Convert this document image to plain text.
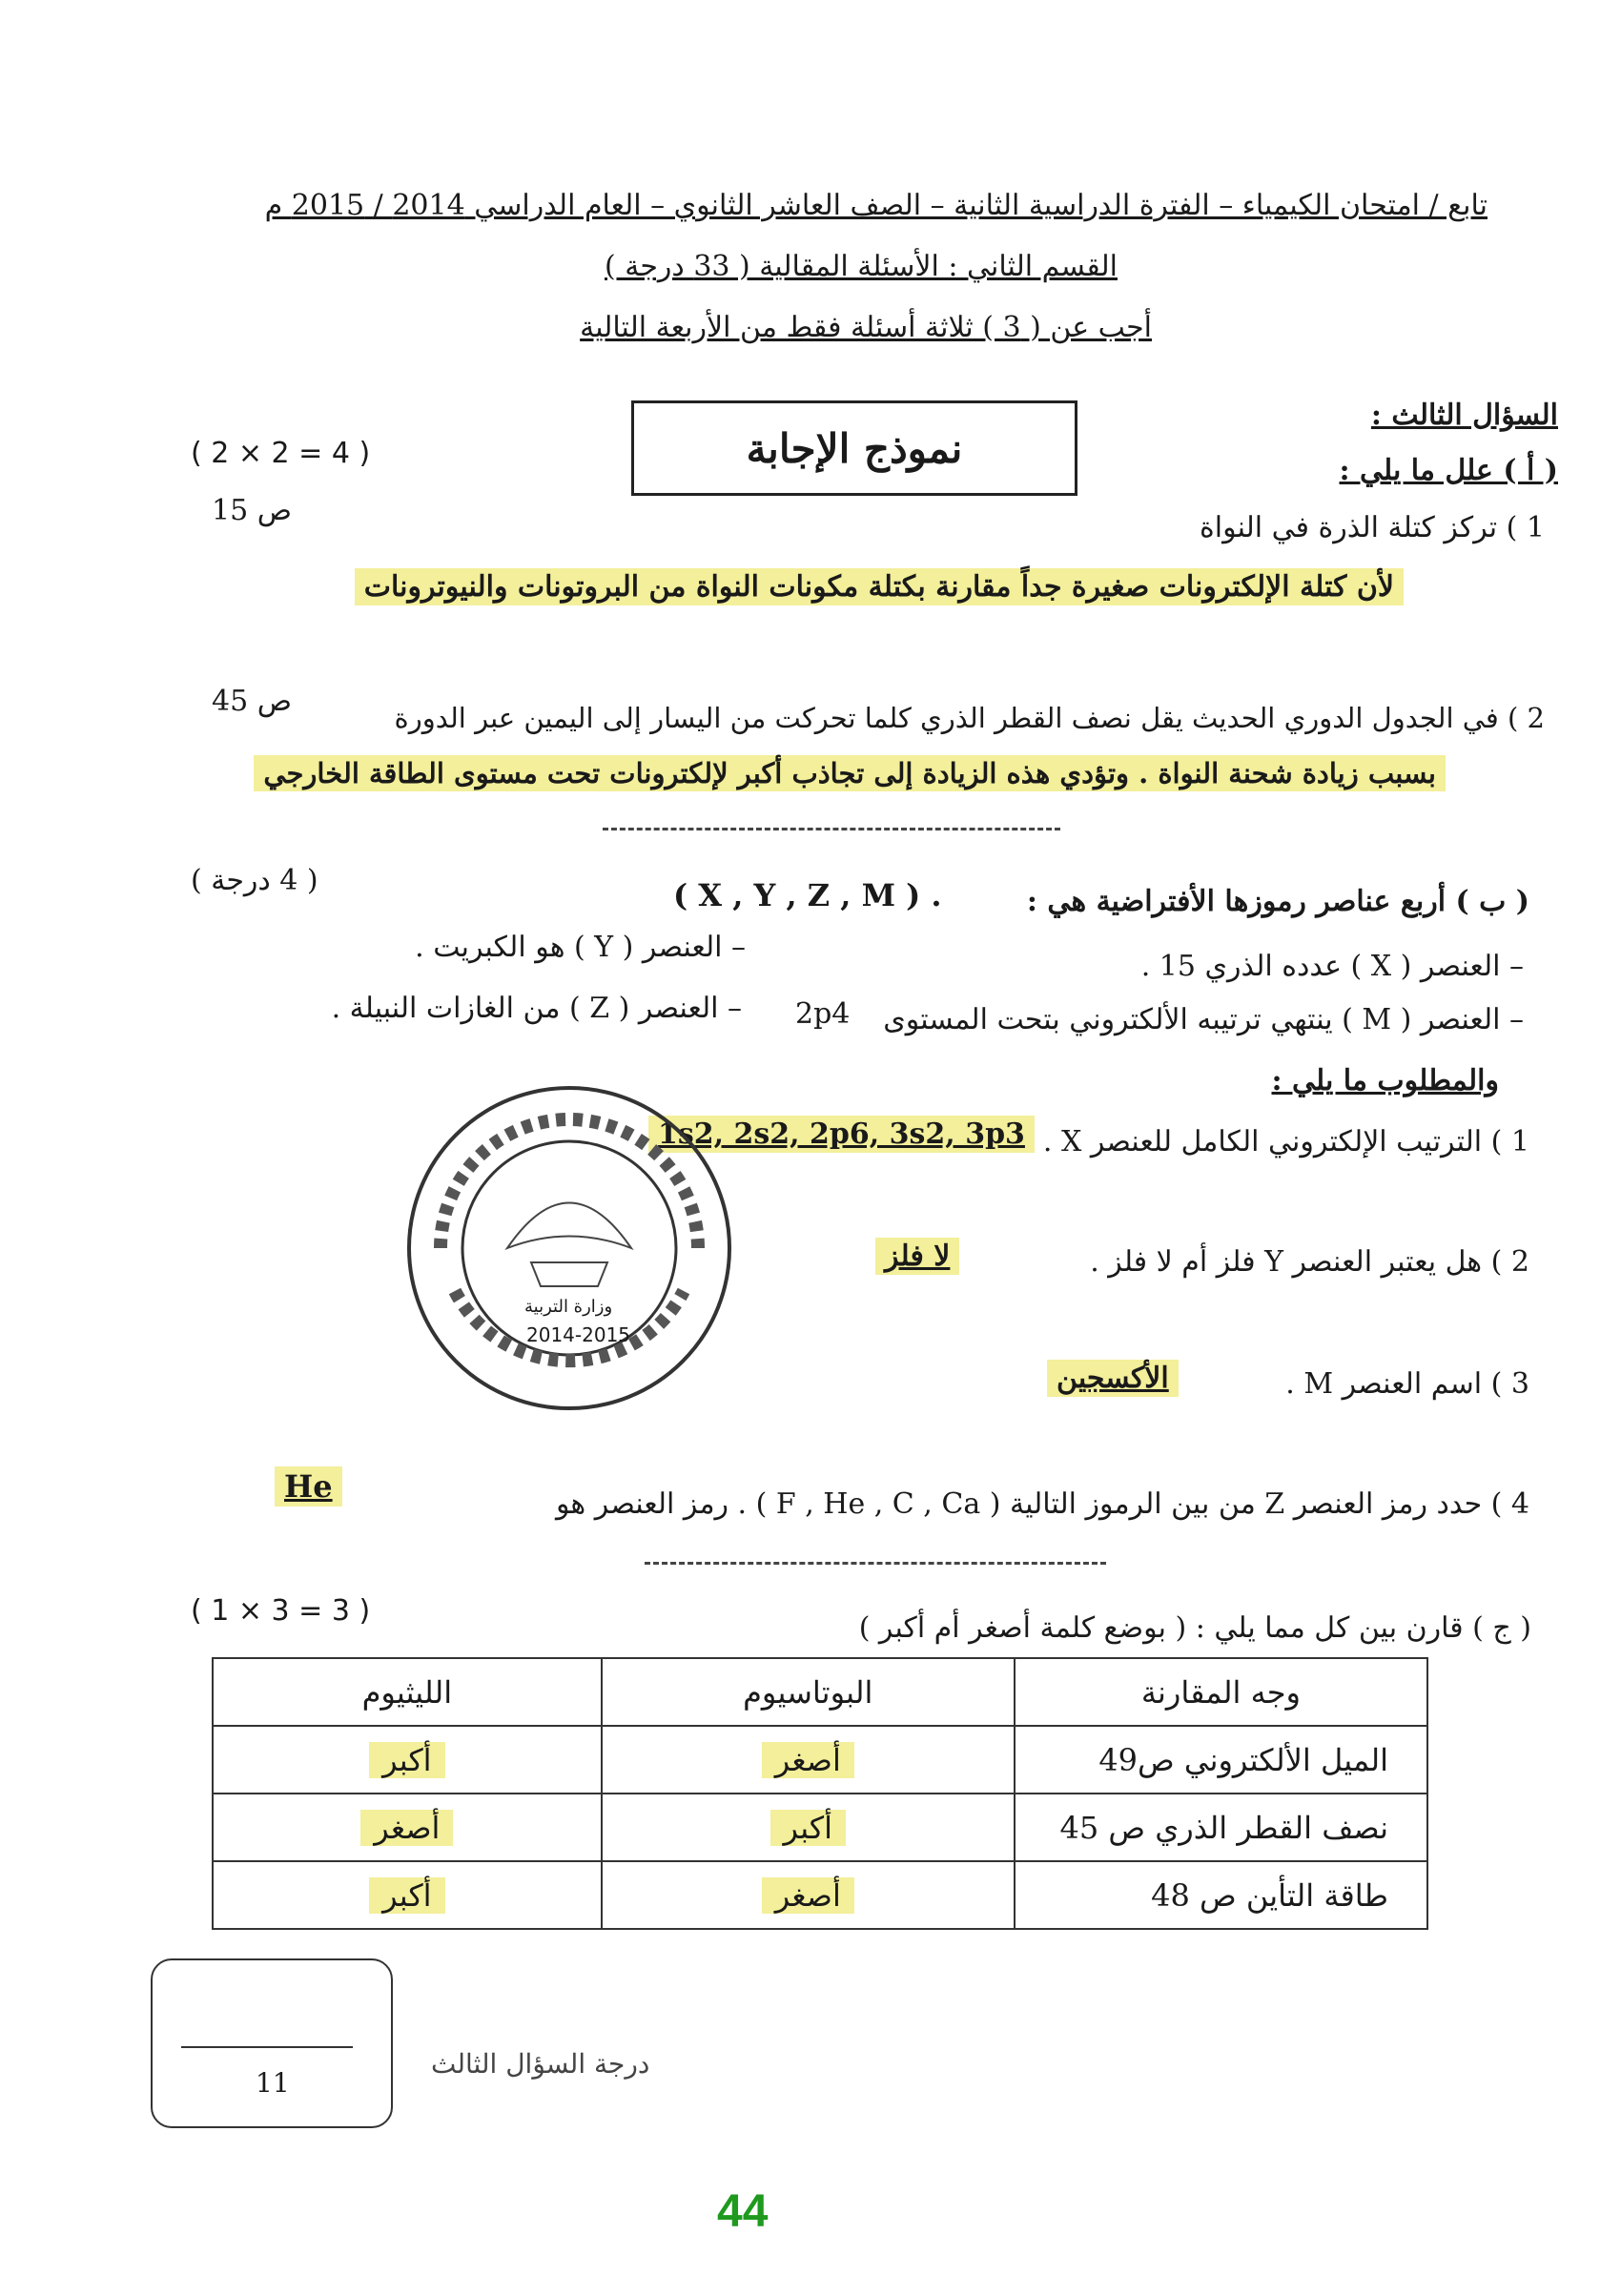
تابع / امتحان الكيمياء – الفترة الدراسية الثانية – الصف العاشر الثانوي – العام الدراسي 2014 / 2015 م
القسم الثاني : الأسئلة المقالية ( 33 درجة )
أجب عن ( 3 ) ثلاثة أسئلة فقط من الأربعة التالية
نموذج الإجابة
السؤال الثالث :
( أ ) علل ما يلي :
( 2 × 2 = 4 )
ص 15
1 ) تركز كتلة الذرة في النواة
لأن كتلة الإلكترونات صغيرة جداً مقارنة بكتلة مكونات النواة من البروتونات والنيوترونات
2 ) في الجدول الدوري الحديث يقل نصف القطر الذري كلما تحركت من اليسار إلى اليمين عبر الدورة
ص 45
بسبب زيادة شحنة النواة . وتؤدي هذه الزيادة إلى تجاذب أكبر لإلكترونات تحت مستوى الطاقة الخارجي
( ب ) أربع عناصر رموزها الأفتراضية هي :
( X , Y , Z , M ) .
( 4 درجة )
– العنصر ( X ) عدده الذري 15 .
– العنصر ( Y ) هو الكبريت .
– العنصر ( M ) ينتهي ترتيبه الألكتروني بتحت المستوى
2p4
– العنصر ( Z ) من الغازات النبيلة .
والمطلوب ما يلي :
1 ) الترتيب الإلكتروني الكامل للعنصر X .
1s2, 2s2, 2p6, 3s2, 3p3
2 ) هل يعتبر العنصر Y فلز أم لا فلز .
لا فلز
3 ) اسم العنصر M .
الأكسجين
4 ) حدد رمز العنصر Z من بين الرموز التالية ( F , He , C , Ca ) . رمز العنصر هو
He
وزارة التربية
2014-2015
( ج ) قارن بين كل مما يلي : ( بوضع كلمة أصغر أم أكبر )
( 1 × 3 = 3 )
وجه المقارنة	البوتاسيوم	الليثيوم
الميل الألكتروني ص49	أصغر	أكبر
نصف القطر الذري ص 45	أكبر	أصغر
طاقة التأين ص 48	أصغر	أكبر
11
درجة السؤال الثالث
44
